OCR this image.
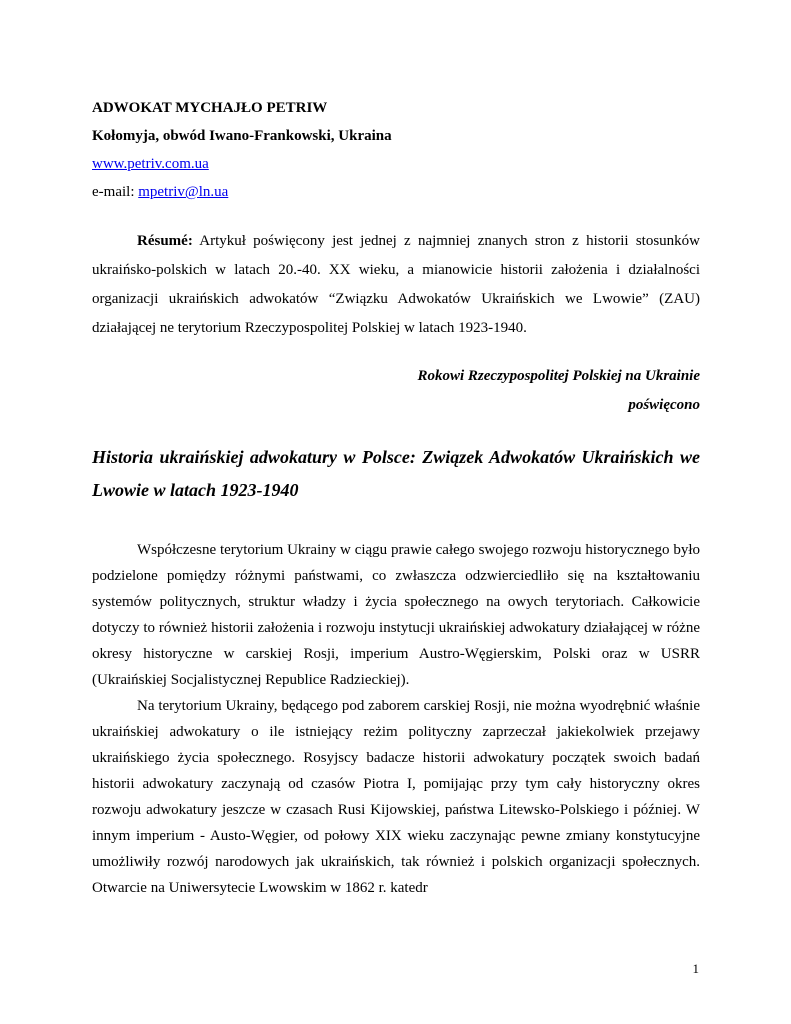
ADWOKAT MYCHAJŁO PETRIW
Kołomyja, obwód Iwano-Frankowski, Ukraina
www.petriv.com.ua
e-mail: mpetriv@ln.ua

Résumé: Artykuł poświęcony jest jednej z najmniej znanych stron z historii stosunków ukraińsko-polskich w latach 20.-40. XX wieku, a mianowicie historii założenia i działalności organizacji ukraińskich adwokatów “Związku Adwokatów Ukraińskich we Lwowie” (ZAU) działającej ne terytorium Rzeczypospolitej Polskiej w latach 1923-1940.

Rokowi Rzeczypospolitej Polskiej na Ukrainie
poświęcono
Historia ukraińskiej adwokatury w Polsce: Związek Adwokatów Ukraińskich we Lwowie w latach 1923-1940

Współczesne terytorium Ukrainy w ciągu prawie całego swojego rozwoju historycznego było podzielone pomiędzy różnymi państwami, co zwłaszcza odzwierciedliło się na kształtowaniu systemów politycznych, struktur władzy i życia społecznego na owych terytoriach. Całkowicie dotyczy to również historii założenia i rozwoju instytucji ukraińskiej adwokatury działającej w różne okresy historyczne w carskiej Rosji, imperium Austro-Węgierskim, Polski oraz w USRR (Ukraińskiej Socjalistycznej Republice Radzieckiej).

Na terytorium Ukrainy, będącego pod zaborem carskiej Rosji, nie można wyodrębnić właśnie ukraińskiej adwokatury o ile istniejący reżim polityczny zaprzeczał jakiekolwiek przejawy ukraińskiego życia społecznego. Rosyjscy badacze historii adwokatury początek swoich badań historii adwokatury zaczynają od czasów Piotra I, pomijając przy tym cały historyczny okres rozwoju adwokatury jeszcze w czasach Rusi Kijowskiej, państwa Litewsko-Polskiego i później. W innym imperium - Austo-Węgier, od połowy XIX wieku zaczynając pewne zmiany konstytucyjne umożliwiły rozwój narodowych jak ukraińskich, tak również i polskich organizacji społecznych. Otwarcie na Uniwersytecie Lwowskim w 1862 r. katedr

1
